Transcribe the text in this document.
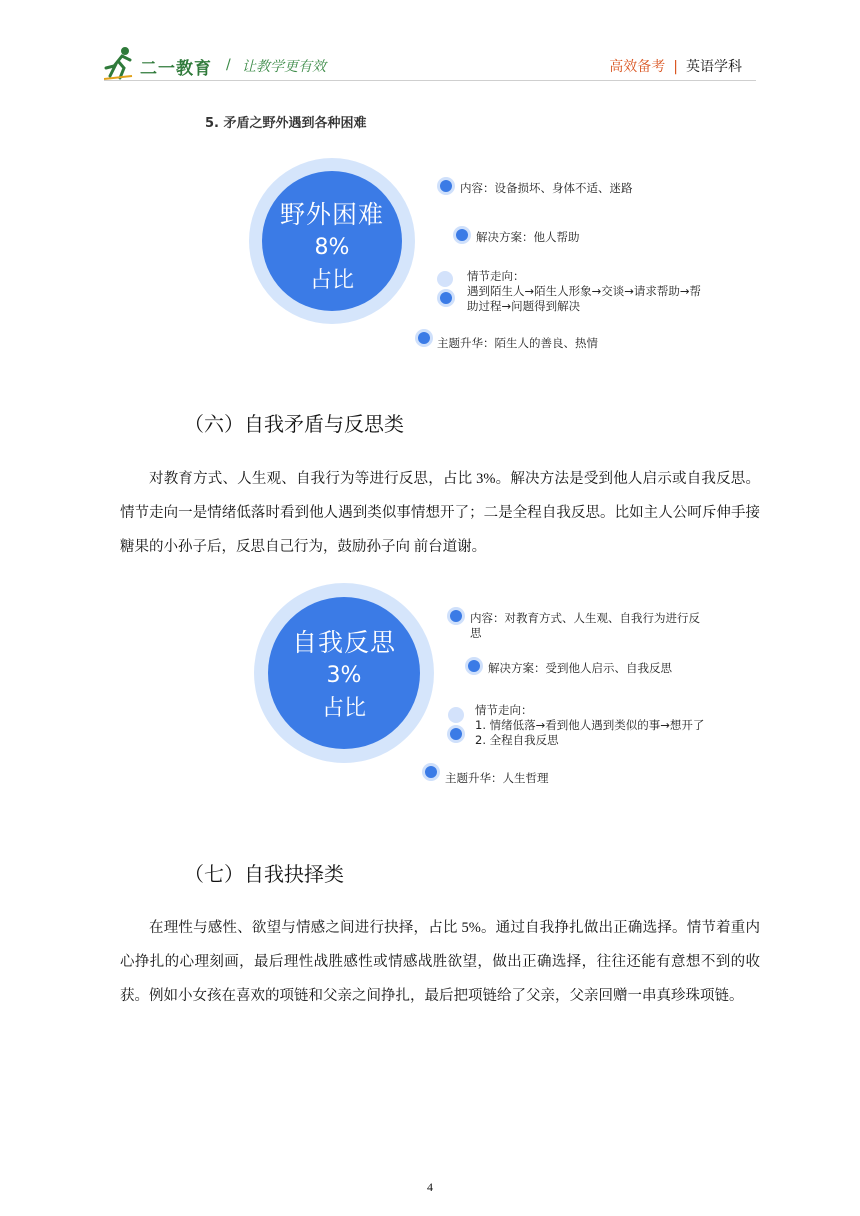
二一教育 / 让教学更有效	高效备考 | 英语学科
5. 矛盾之野外遇到各种困难
野外困难
8%
占比
内容：设备损坏、身体不适、迷路
解决方案：他人帮助
情节走向：
遇到陌生人→陌生人形象→交谈→请求帮助→帮
助过程→问题得到解决
主题升华：陌生人的善良、热情
（六）自我矛盾与反思类

对教育方式、人生观、自我行为等进行反思，占比 3%。解决方法是受到他人启示或自我反思。情节走向一是情绪低落时看到他人遇到类似事情想开了；二是全程自我反思。比如主人公呵斥伸手接糖果的小孙子后，反思自己行为，鼓励孙子向 前台道谢。

自我反思
3%
占比
内容：对教育方式、人生观、自我行为进行反
思
解决方案：受到他人启示、自我反思
情节走向：
1. 情绪低落→看到他人遇到类似的事→想开了
2. 全程自我反思
主题升华：人生哲理
（七）自我抉择类

在理性与感性、欲望与情感之间进行抉择，占比 5%。通过自我挣扎做出正确选择。情节着重内心挣扎的心理刻画，最后理性战胜感性或情感战胜欲望，做出正确选择，往往还能有意想不到的收获。例如小女孩在喜欢的项链和父亲之间挣扎，最后把项链给了父亲，父亲回赠一串真珍珠项链。

4
